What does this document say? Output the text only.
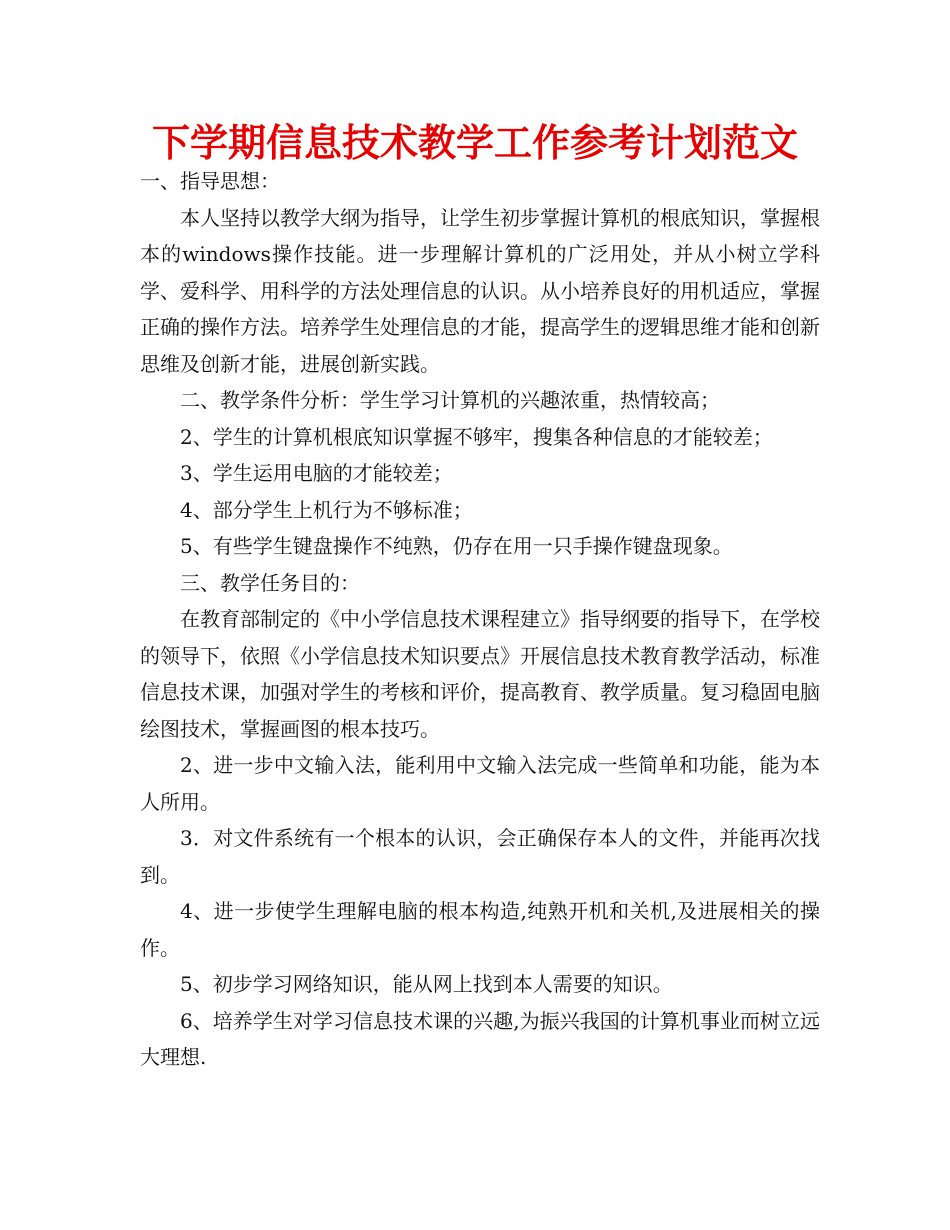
下学期信息技术教学工作参考计划范文

一、指导思想：

本人坚持以教学大纲为指导，让学生初步掌握计算机的根底知识，掌握根本的windows操作技能。进一步理解计算机的广泛用处，并从小树立学科学、爱科学、用科学的方法处理信息的认识。从小培养良好的用机适应，掌握正确的操作方法。培养学生处理信息的才能，提高学生的逻辑思维才能和创新思维及创新才能，进展创新实践。

二、教学条件分析：学生学习计算机的兴趣浓重，热情较高；

2、学生的计算机根底知识掌握不够牢，搜集各种信息的才能较差；

3、学生运用电脑的才能较差；

4、部分学生上机行为不够标准；

5、有些学生键盘操作不纯熟，仍存在用一只手操作键盘现象。

三、教学任务目的：

在教育部制定的《中小学信息技术课程建立》指导纲要的指导下，在学校的领导下，依照《小学信息技术知识要点》开展信息技术教育教学活动，标准信息技术课，加强对学生的考核和评价，提高教育、教学质量。复习稳固电脑绘图技术，掌握画图的根本技巧。

2、进一步中文输入法，能利用中文输入法完成一些简单和功能，能为本人所用。

3．对文件系统有一个根本的认识，会正确保存本人的文件，并能再次找到。

4、进一步使学生理解电脑的根本构造,纯熟开机和关机,及进展相关的操作。

5、初步学习网络知识，能从网上找到本人需要的知识。

6、培养学生对学习信息技术课的兴趣,为振兴我国的计算机事业而树立远大理想.
